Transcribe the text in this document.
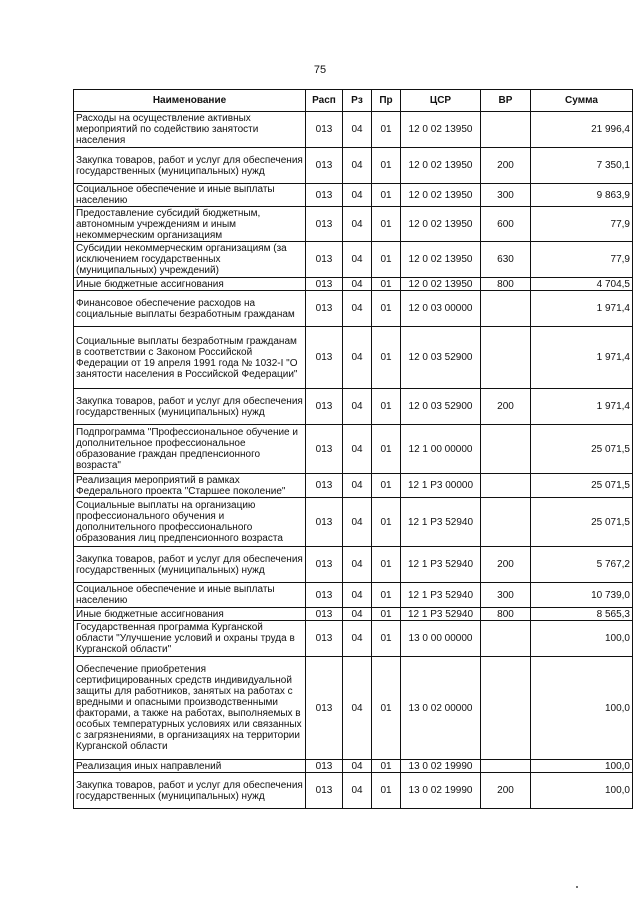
75
Наименование	Расп	Рз	Пр	ЦСР	ВР	Сумма
Расходы на осуществление активных мероприятий по содействию занятости населения	013	04	01	12 0 02 13950		21 996,4
Закупка товаров, работ и услуг для обеспечения государственных (муниципальных) нужд	013	04	01	12 0 02 13950	200	7 350,1
Социальное обеспечение и иные выплаты населению	013	04	01	12 0 02 13950	300	9 863,9
Предоставление субсидий бюджетным, автономным учреждениям и иным некоммерческим организациям	013	04	01	12 0 02 13950	600	77,9
Субсидии некоммерческим организациям (за исключением государственных (муниципальных) учреждений)	013	04	01	12 0 02 13950	630	77,9
Иные бюджетные ассигнования	013	04	01	12 0 02 13950	800	4 704,5
Финансовое обеспечение расходов на социальные выплаты безработным гражданам	013	04	01	12 0 03 00000		1 971,4
Социальные выплаты безработным гражданам в соответствии с Законом Российской Федерации от 19 апреля 1991 года № 1032-I "О занятости населения в Российской Федерации"	013	04	01	12 0 03 52900		1 971,4
Закупка товаров, работ и услуг для обеспечения государственных (муниципальных) нужд	013	04	01	12 0 03 52900	200	1 971,4
Подпрограмма "Профессиональное обучение и дополнительное профессиональное образование граждан предпенсионного возраста"	013	04	01	12 1 00 00000		25 071,5
Реализация мероприятий в рамках Федерального проекта "Старшее поколение"	013	04	01	12 1 P3 00000		25 071,5
Социальные выплаты на организацию профессионального обучения и дополнительного профессионального образования лиц предпенсионного возраста	013	04	01	12 1 P3 52940		25 071,5
Закупка товаров, работ и услуг для обеспечения государственных (муниципальных) нужд	013	04	01	12 1 P3 52940	200	5 767,2
Социальное обеспечение и иные выплаты населению	013	04	01	12 1 P3 52940	300	10 739,0
Иные бюджетные ассигнования	013	04	01	12 1 P3 52940	800	8 565,3
Государственная программа Курганской области "Улучшение условий и охраны труда в Курганской области"	013	04	01	13 0 00 00000		100,0
Обеспечение приобретения сертифицированных средств индивидуальной защиты для работников, занятых на работах с вредными и опасными производственными факторами, а также на работах, выполняемых в особых температурных условиях или связанных с загрязнениями, в организациях на территории Курганской области	013	04	01	13 0 02 00000		100,0
Реализация иных направлений	013	04	01	13 0 02 19990		100,0
Закупка товаров, работ и услуг для обеспечения государственных (муниципальных) нужд	013	04	01	13 0 02 19990	200	100,0
